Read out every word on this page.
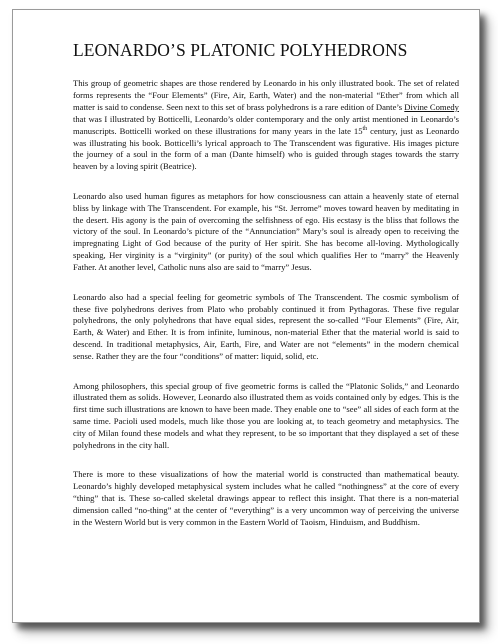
LEONARDO’S PLATONIC POLYHEDRONS

This group of geometric shapes are those rendered by Leonardo in his only illustrated book. The set of related forms represents the “Four Elements” (Fire, Air, Earth, Water) and the non-material “Ether” from which all matter is said to condense. Seen next to this set of brass polyhedrons is a rare edition of Dante’s Divine Comedy that was I illustrated by Botticelli, Leonardo’s older contemporary and the only artist mentioned in Leonardo’s manuscripts. Botticelli worked on these illustrations for many years in the late 15th century, just as Leonardo was illustrating his book. Botticelli’s lyrical approach to The Transcendent was figurative. His images picture the journey of a soul in the form of a man (Dante himself) who is guided through stages towards the starry heaven by a loving spirit (Beatrice).

Leonardo also used human figures as metaphors for how consciousness can attain a heavenly state of eternal bliss by linkage with The Transcendent. For example, his “St. Jerrome” moves toward heaven by meditating in the desert. His agony is the pain of overcoming the selfishness of ego. His ecstasy is the bliss that follows the victory of the soul. In Leonardo’s picture of the “Annunciation” Mary’s soul is already open to receiving the impregnating Light of God because of the purity of Her spirit. She has become all-loving. Mythologically speaking, Her virginity is a “virginity” (or purity) of the soul which qualifies Her to “marry” the Heavenly Father. At another level, Catholic nuns also are said to “marry” Jesus.

Leonardo also had a special feeling for geometric symbols of The Transcendent. The cosmic symbolism of these five polyhedrons derives from Plato who probably continued it from Pythagoras. These five regular polyhedrons, the only polyhedrons that have equal sides, represent the so-called “Four Elements” (Fire, Air, Earth, & Water) and Ether. It is from infinite, luminous, non-material Ether that the material world is said to descend. In traditional metaphysics, Air, Earth, Fire, and Water are not “elements” in the modern chemical sense. Rather they are the four “conditions” of matter: liquid, solid, etc.

Among philosophers, this special group of five geometric forms is called the “Platonic Solids,” and Leonardo illustrated them as solids. However, Leonardo also illustrated them as voids contained only by edges. This is the first time such illustrations are known to have been made. They enable one to “see” all sides of each form at the same time. Pacioli used models, much like those you are looking at, to teach geometry and metaphysics. The city of Milan found these models and what they represent, to be so important that they displayed a set of these polyhedrons in the city hall.

There is more to these visualizations of how the material world is constructed than mathematical beauty. Leonardo’s highly developed metaphysical system includes what he called “nothingness” at the core of every “thing” that is. These so-called skeletal drawings appear to reflect this insight. That there is a non-material dimension called “no-thing” at the center of “everything” is a very uncommon way of perceiving the universe in the Western World but is very common in the Eastern World of Taoism, Hinduism, and Buddhism.
